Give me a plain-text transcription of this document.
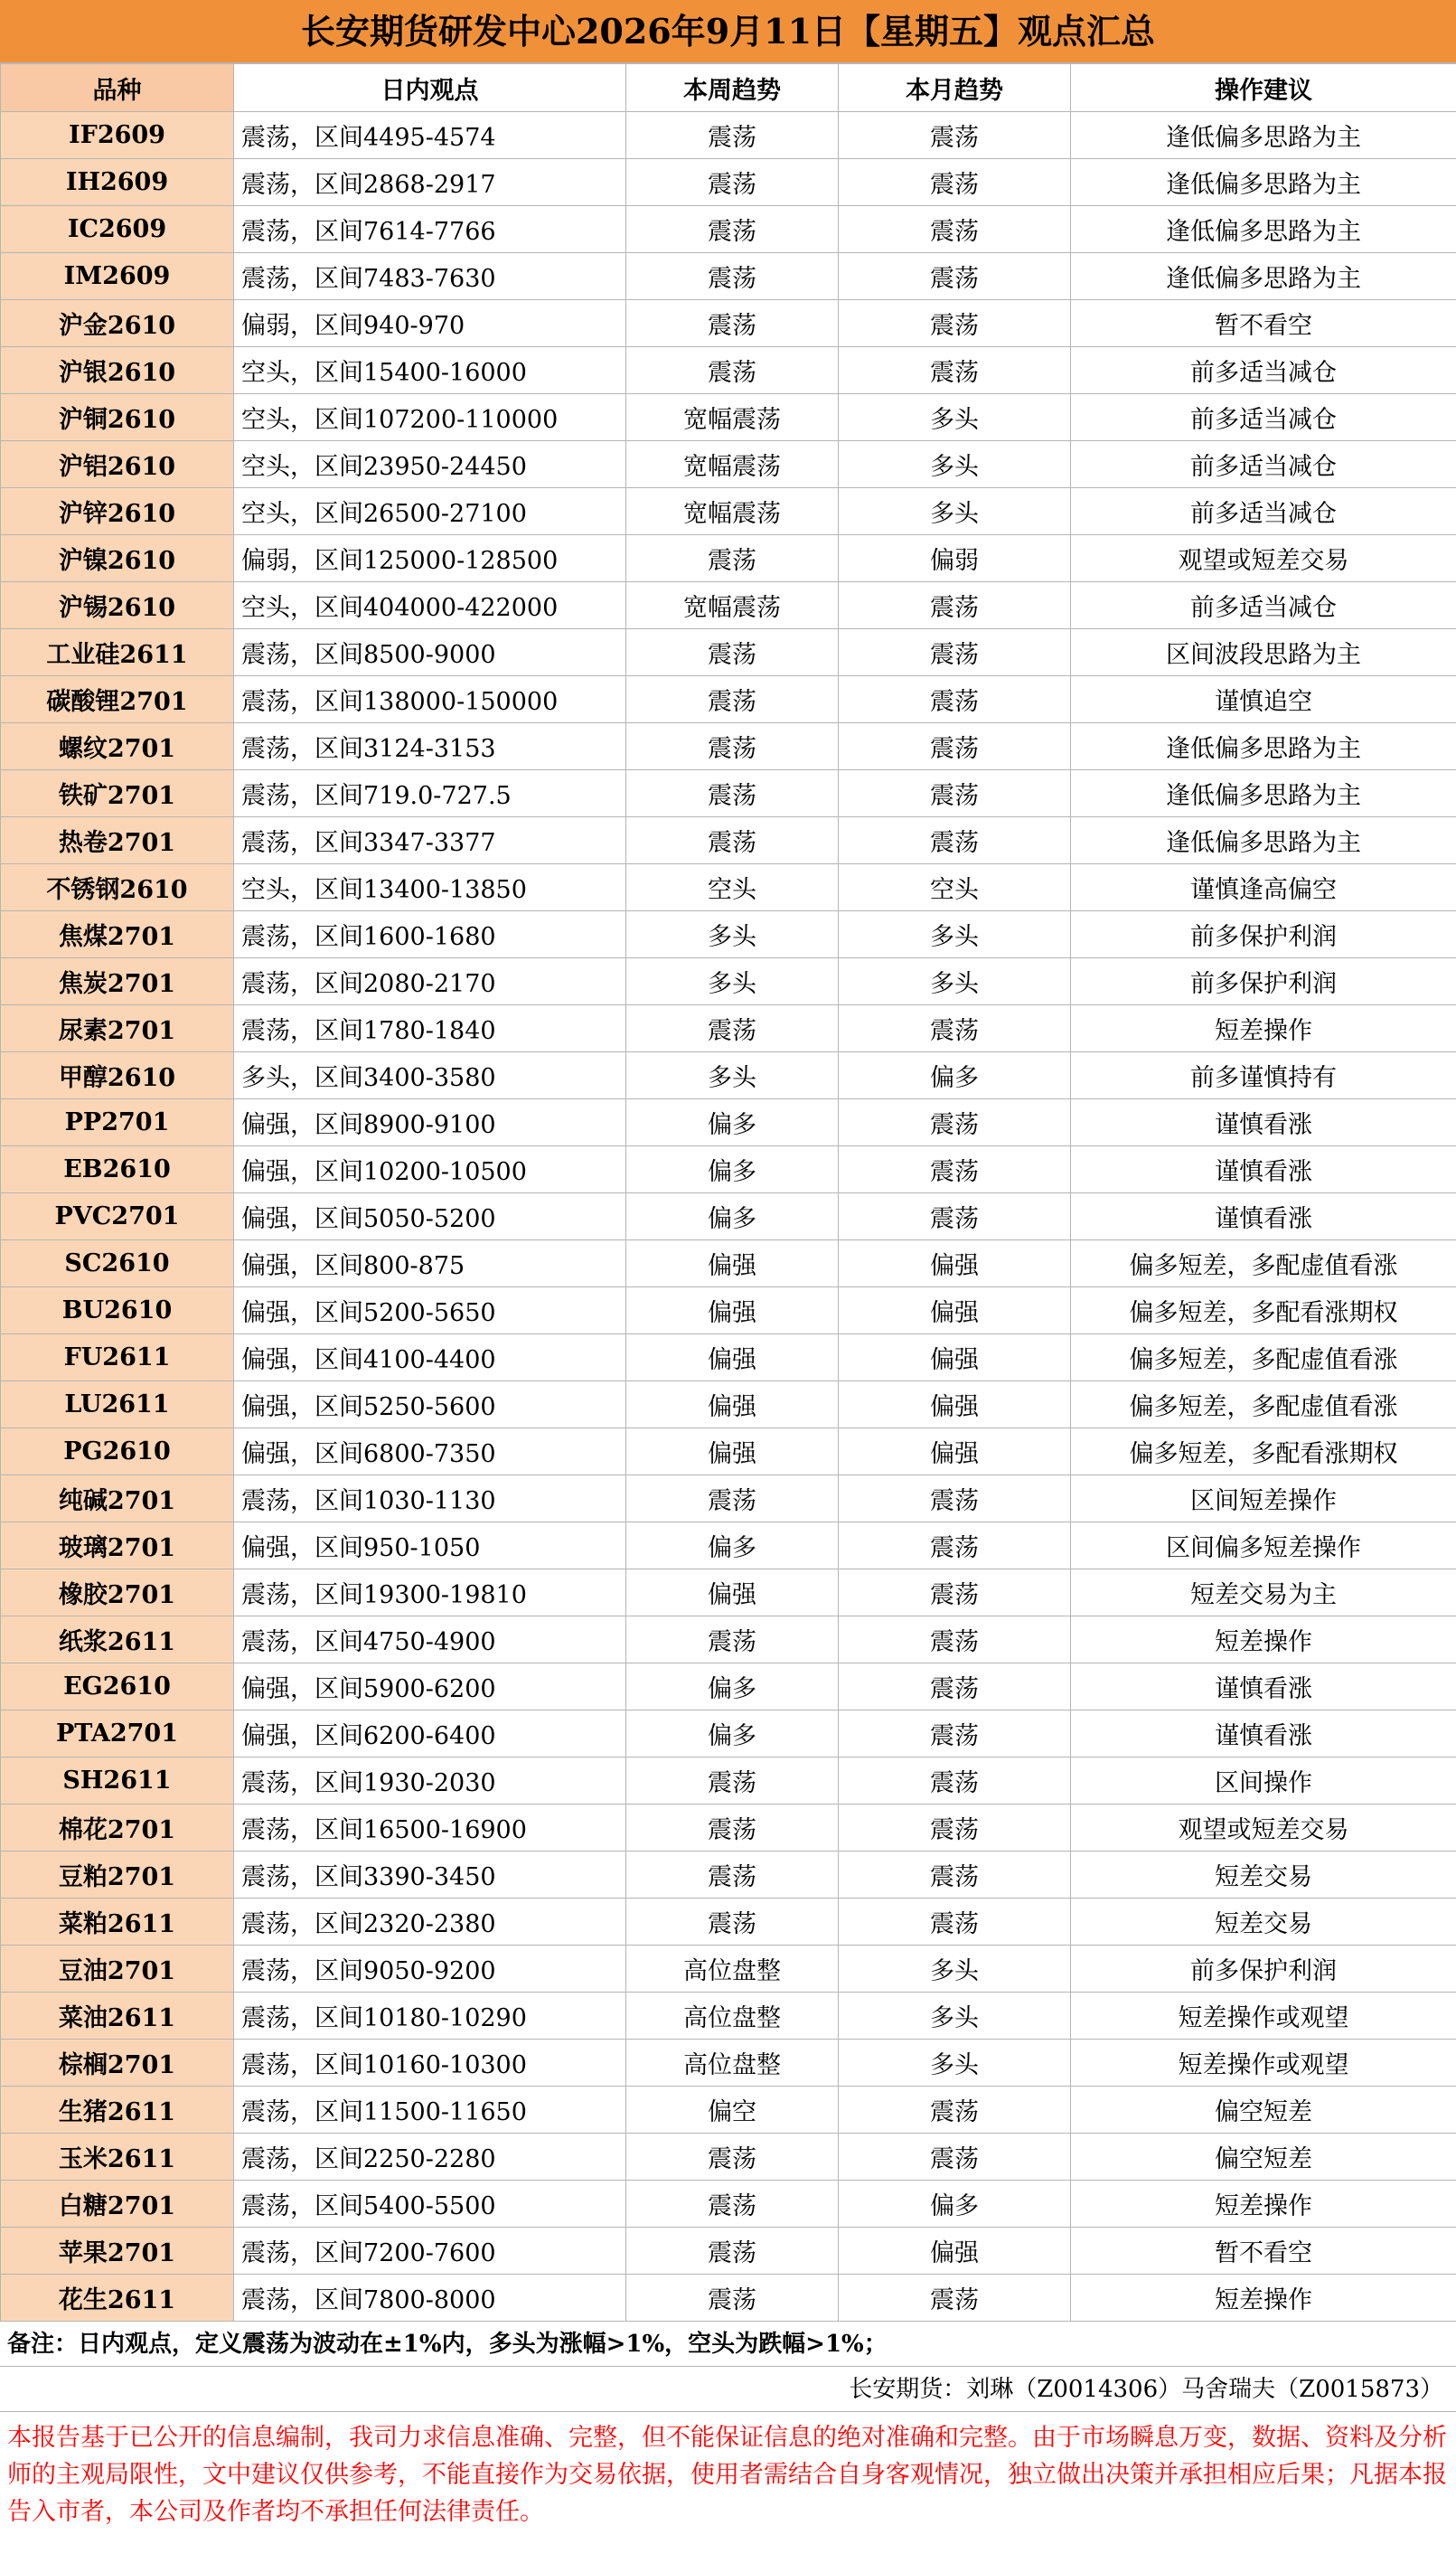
长安期货研发中心2026年9月11日【星期五】观点汇总
品种	日内观点	本周趋势	本月趋势	操作建议
IF2609	震荡，区间4495-4574	震荡	震荡	逢低偏多思路为主
IH2609	震荡，区间2868-2917	震荡	震荡	逢低偏多思路为主
IC2609	震荡，区间7614-7766	震荡	震荡	逢低偏多思路为主
IM2609	震荡，区间7483-7630	震荡	震荡	逢低偏多思路为主
沪金2610	偏弱，区间940-970	震荡	震荡	暂不看空
沪银2610	空头，区间15400-16000	震荡	震荡	前多适当减仓
沪铜2610	空头，区间107200-110000	宽幅震荡	多头	前多适当减仓
沪铝2610	空头，区间23950-24450	宽幅震荡	多头	前多适当减仓
沪锌2610	空头，区间26500-27100	宽幅震荡	多头	前多适当减仓
沪镍2610	偏弱，区间125000-128500	震荡	偏弱	观望或短差交易
沪锡2610	空头，区间404000-422000	宽幅震荡	震荡	前多适当减仓
工业硅2611	震荡，区间8500-9000	震荡	震荡	区间波段思路为主
碳酸锂2701	震荡，区间138000-150000	震荡	震荡	谨慎追空
螺纹2701	震荡，区间3124-3153	震荡	震荡	逢低偏多思路为主
铁矿2701	震荡，区间719.0-727.5	震荡	震荡	逢低偏多思路为主
热卷2701	震荡，区间3347-3377	震荡	震荡	逢低偏多思路为主
不锈钢2610	空头，区间13400-13850	空头	空头	谨慎逢高偏空
焦煤2701	震荡，区间1600-1680	多头	多头	前多保护利润
焦炭2701	震荡，区间2080-2170	多头	多头	前多保护利润
尿素2701	震荡，区间1780-1840	震荡	震荡	短差操作
甲醇2610	多头，区间3400-3580	多头	偏多	前多谨慎持有
PP2701	偏强，区间8900-9100	偏多	震荡	谨慎看涨
EB2610	偏强，区间10200-10500	偏多	震荡	谨慎看涨
PVC2701	偏强，区间5050-5200	偏多	震荡	谨慎看涨
SC2610	偏强，区间800-875	偏强	偏强	偏多短差，多配虚值看涨
BU2610	偏强，区间5200-5650	偏强	偏强	偏多短差，多配看涨期权
FU2611	偏强，区间4100-4400	偏强	偏强	偏多短差，多配虚值看涨
LU2611	偏强，区间5250-5600	偏强	偏强	偏多短差，多配虚值看涨
PG2610	偏强，区间6800-7350	偏强	偏强	偏多短差，多配看涨期权
纯碱2701	震荡，区间1030-1130	震荡	震荡	区间短差操作
玻璃2701	偏强，区间950-1050	偏多	震荡	区间偏多短差操作
橡胶2701	震荡，区间19300-19810	偏强	震荡	短差交易为主
纸浆2611	震荡，区间4750-4900	震荡	震荡	短差操作
EG2610	偏强，区间5900-6200	偏多	震荡	谨慎看涨
PTA2701	偏强，区间6200-6400	偏多	震荡	谨慎看涨
SH2611	震荡，区间1930-2030	震荡	震荡	区间操作
棉花2701	震荡，区间16500-16900	震荡	震荡	观望或短差交易
豆粕2701	震荡，区间3390-3450	震荡	震荡	短差交易
菜粕2611	震荡，区间2320-2380	震荡	震荡	短差交易
豆油2701	震荡，区间9050-9200	高位盘整	多头	前多保护利润
菜油2611	震荡，区间10180-10290	高位盘整	多头	短差操作或观望
棕榈2701	震荡，区间10160-10300	高位盘整	多头	短差操作或观望
生猪2611	震荡，区间11500-11650	偏空	震荡	偏空短差
玉米2611	震荡，区间2250-2280	震荡	震荡	偏空短差
白糖2701	震荡，区间5400-5500	震荡	偏多	短差操作
苹果2701	震荡，区间7200-7600	震荡	偏强	暂不看空
花生2611	震荡，区间7800-8000	震荡	震荡	短差操作
备注：日内观点，定义震荡为波动在±1%内，多头为涨幅>1%，空头为跌幅>1%；
长安期货：刘琳（Z0014306）马舍瑞夫（Z0015873）
本报告基于已公开的信息编制，我司力求信息准确、完整，但不能保证信息的绝对准确和完整。由于市场瞬息万变，数据、资料及分析师的主观局限性，文中建议仅供参考，不能直接作为交易依据，使用者需结合自身客观情况，独立做出决策并承担相应后果；凡据本报告入市者，本公司及作者均不承担任何法律责任。
